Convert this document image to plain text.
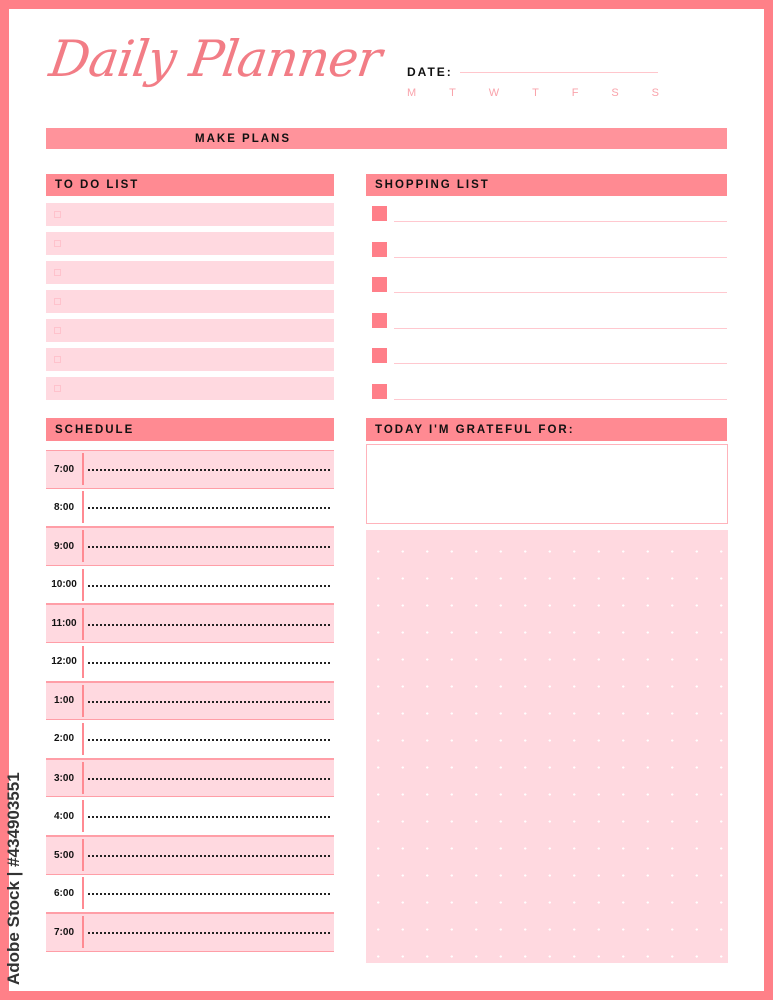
Daily Planner DATE:
M	T	W	T	F	S	S
MAKE PLANS
TO DO LIST	SHOPPING LIST
SCHEDULE
7:00
8:00
9:00
10:00
11:00
12:00
1:00
2:00
3:00
4:00
5:00
6:00
7:00
TODAY I'M GRATEFUL FOR:
Adobe Stock | #434903551
